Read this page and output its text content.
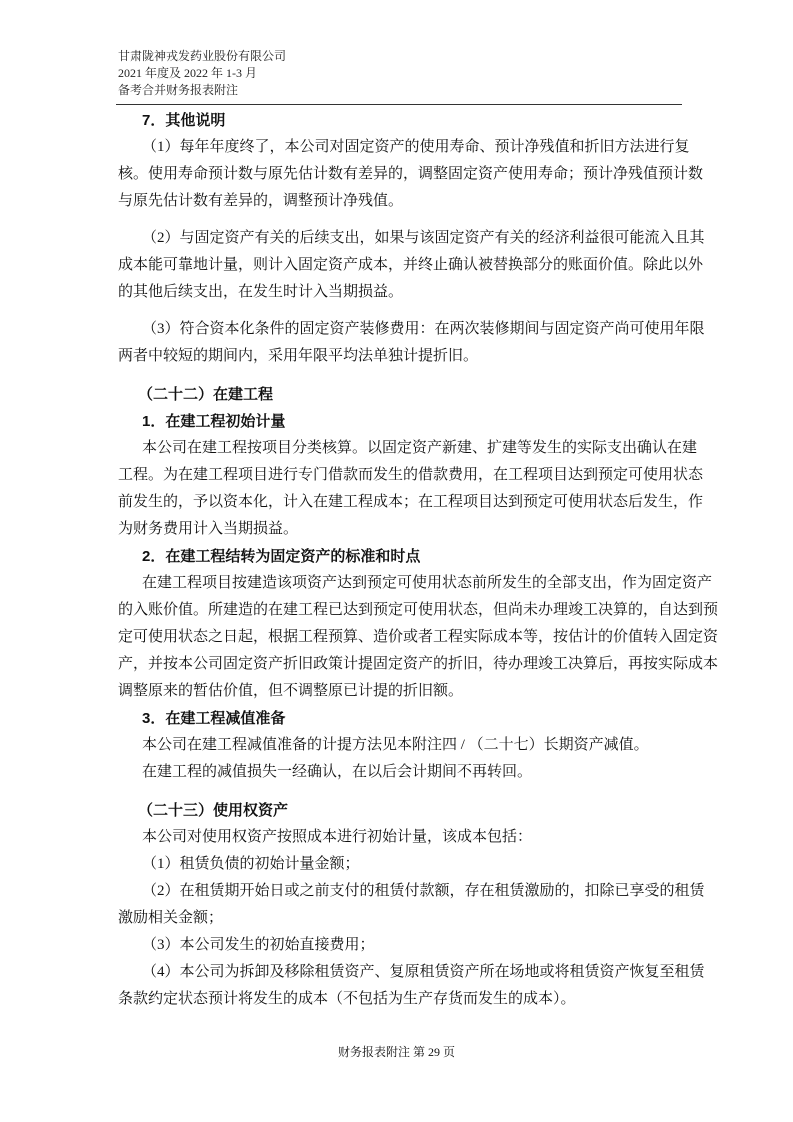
甘肃陇神戎发药业股份有限公司
2021 年度及 2022 年 1-3 月
备考合并财务报表附注
7．其他说明
（1）每年年度终了，本公司对固定资产的使用寿命、预计净残值和折旧方法进行复
核。使用寿命预计数与原先估计数有差异的，调整固定资产使用寿命；预计净残值预计数
与原先估计数有差异的，调整预计净残值。
（2）与固定资产有关的后续支出，如果与该固定资产有关的经济利益很可能流入且其
成本能可靠地计量，则计入固定资产成本，并终止确认被替换部分的账面价值。除此以外
的其他后续支出，在发生时计入当期损益。
（3）符合资本化条件的固定资产装修费用：在两次装修期间与固定资产尚可使用年限
两者中较短的期间内，采用年限平均法单独计提折旧。
（二十二）在建工程
1．在建工程初始计量
本公司在建工程按项目分类核算。以固定资产新建、扩建等发生的实际支出确认在建
工程。为在建工程项目进行专门借款而发生的借款费用，在工程项目达到预定可使用状态
前发生的，予以资本化，计入在建工程成本；在工程项目达到预定可使用状态后发生，作
为财务费用计入当期损益。
2．在建工程结转为固定资产的标准和时点
在建工程项目按建造该项资产达到预定可使用状态前所发生的全部支出，作为固定资产
的入账价值。所建造的在建工程已达到预定可使用状态，但尚未办理竣工决算的，自达到预
定可使用状态之日起，根据工程预算、造价或者工程实际成本等，按估计的价值转入固定资
产，并按本公司固定资产折旧政策计提固定资产的折旧，待办理竣工决算后，再按实际成本
调整原来的暂估价值，但不调整原已计提的折旧额。
3．在建工程减值准备
本公司在建工程减值准备的计提方法见本附注四 / （二十七）长期资产减值。
在建工程的减值损失一经确认，在以后会计期间不再转回。
（二十三）使用权资产
本公司对使用权资产按照成本进行初始计量，该成本包括：
（1）租赁负债的初始计量金额；
（2）在租赁期开始日或之前支付的租赁付款额，存在租赁激励的，扣除已享受的租赁
激励相关金额；
（3）本公司发生的初始直接费用；
（4）本公司为拆卸及移除租赁资产、复原租赁资产所在场地或将租赁资产恢复至租赁
条款约定状态预计将发生的成本（不包括为生产存货而发生的成本）。
财务报表附注 第 29 页
